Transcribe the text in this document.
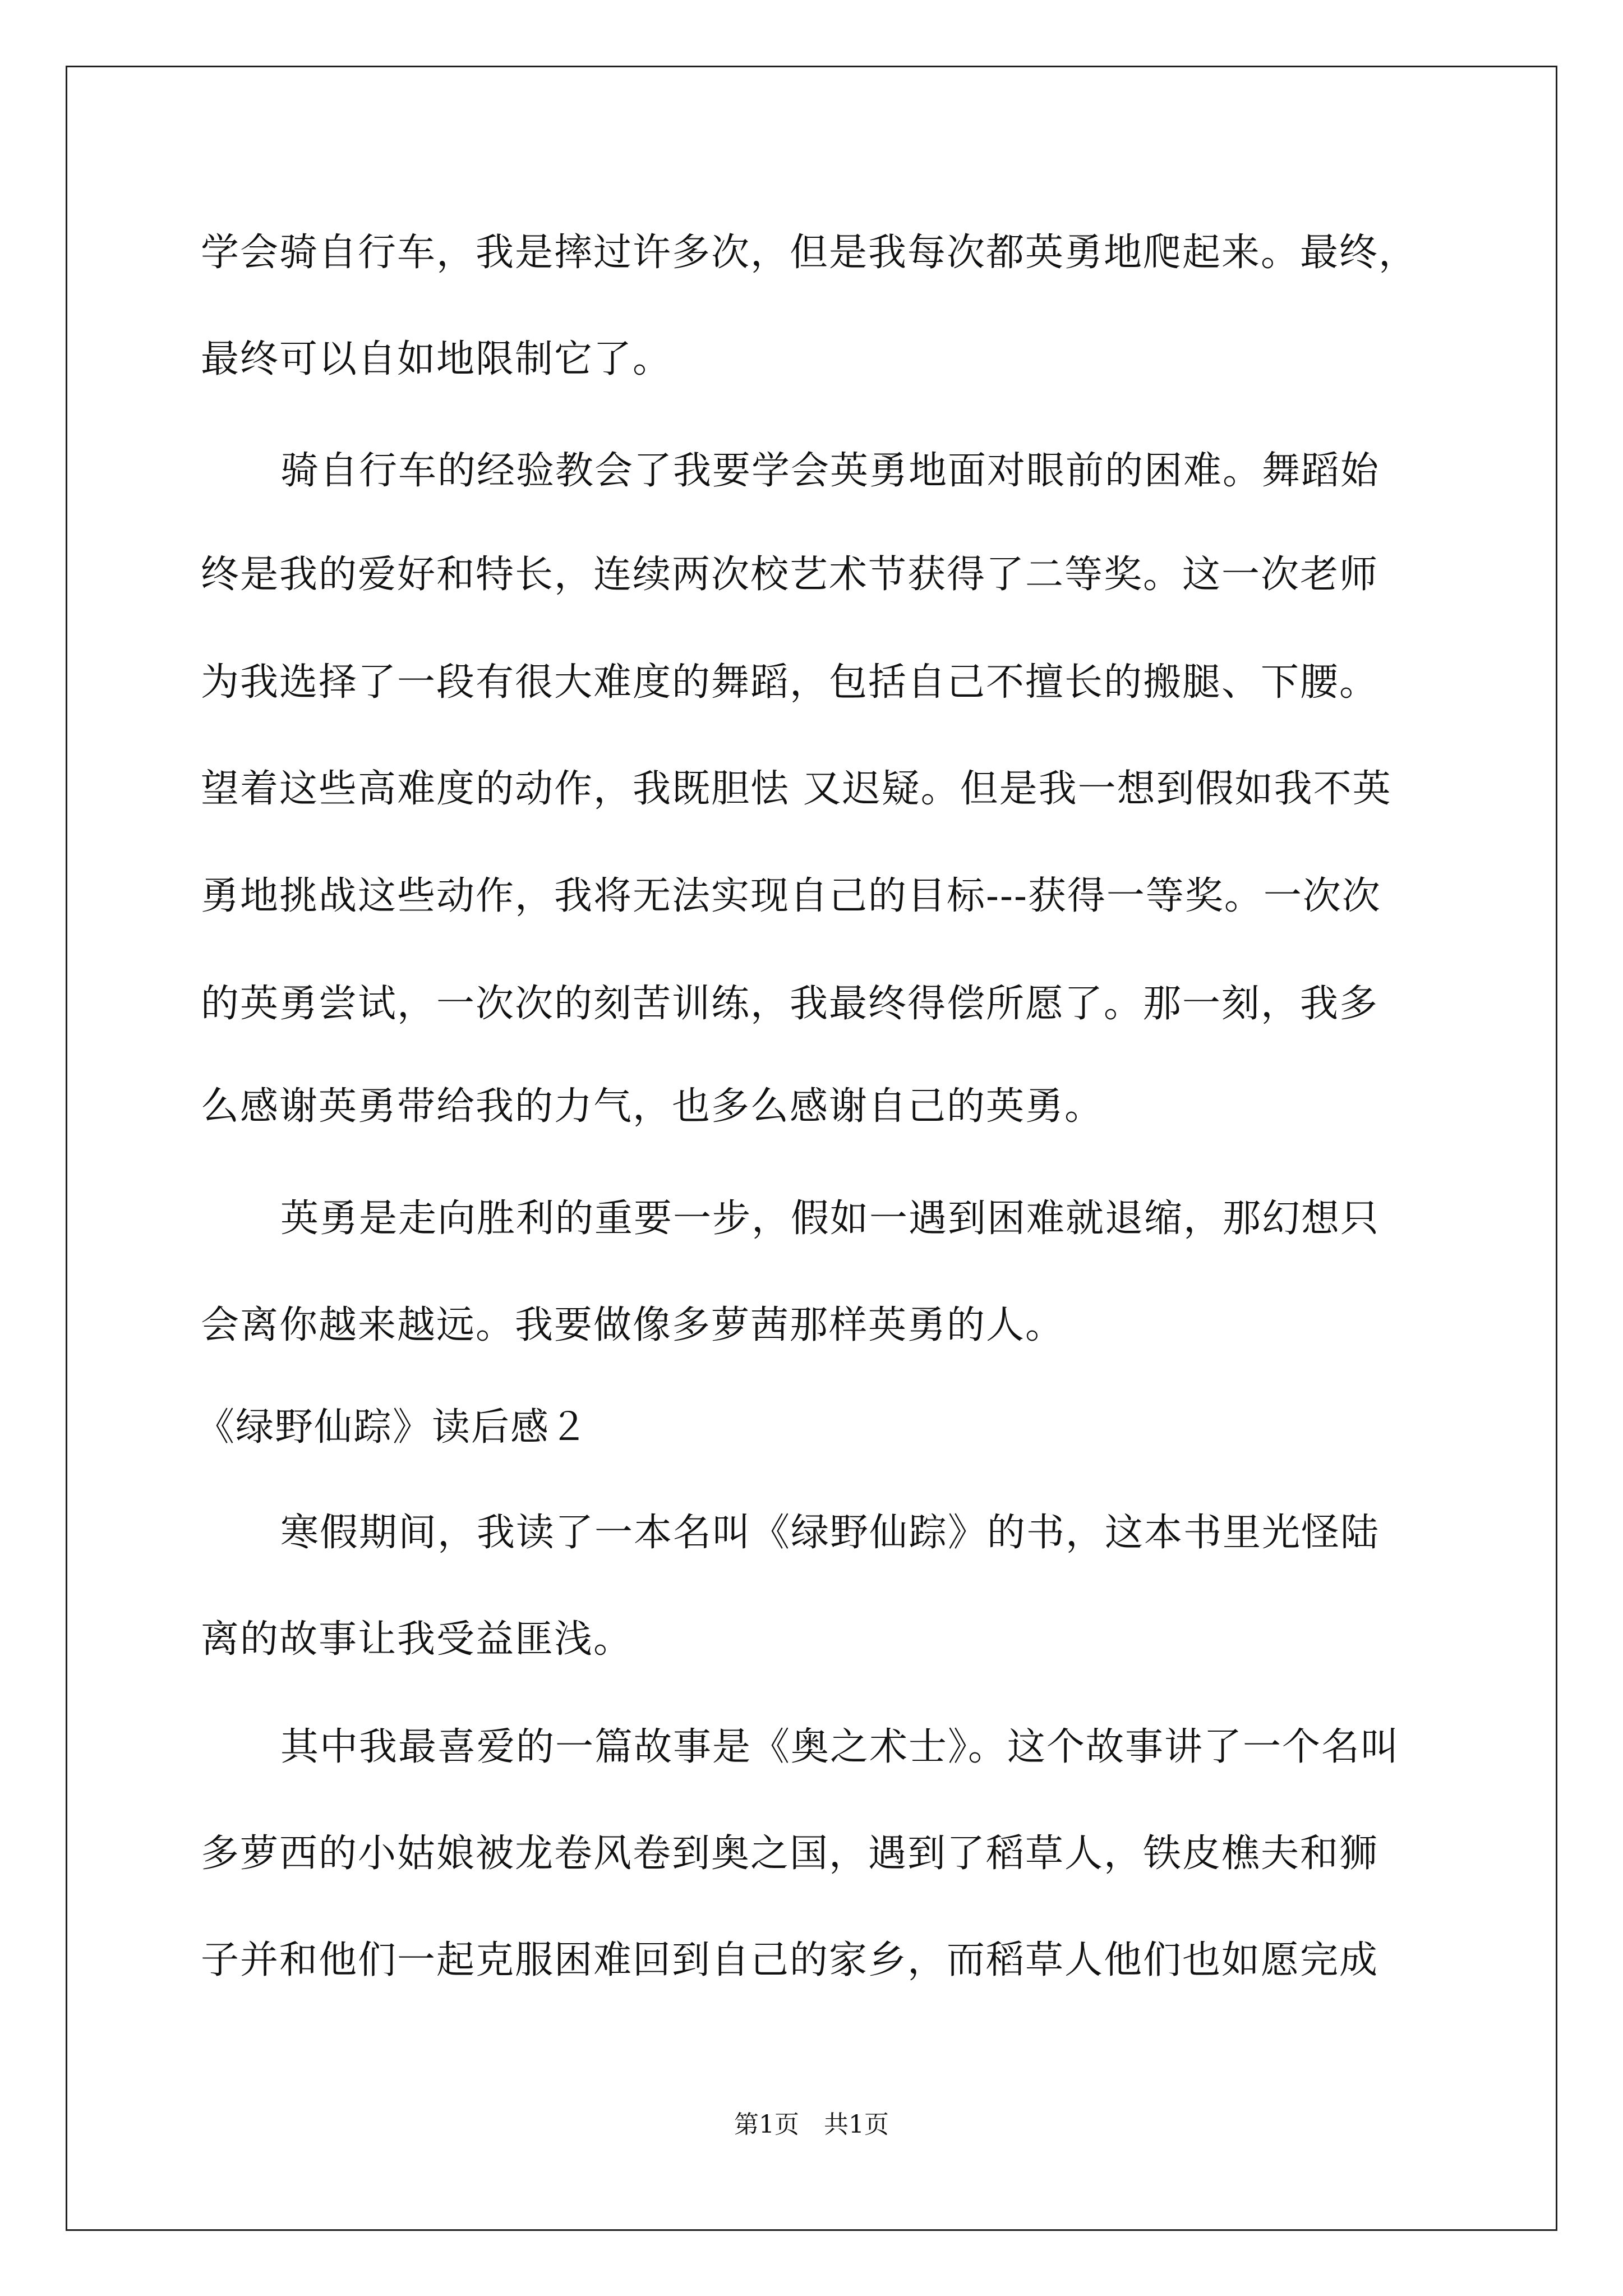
学会骑自行车，我是摔过许多次，但是我每次都英勇地爬起来。最终，
最终可以自如地限制它了。
骑自行车的经验教会了我要学会英勇地面对眼前的困难。舞蹈始
终是我的爱好和特长，连续两次校艺术节获得了二等奖。这一次老师
为我选择了一段有很大难度的舞蹈，包括自己不擅长的搬腿、下腰。
望着这些高难度的动作，我既胆怯 又迟疑。但是我一想到假如我不英
勇地挑战这些动作，我将无法实现自己的目标---获得一等奖。一次次
的英勇尝试，一次次的刻苦训练，我最终得偿所愿了。那一刻，我多
么感谢英勇带给我的力气，也多么感谢自己的英勇。
英勇是走向胜利的重要一步，假如一遇到困难就退缩，那幻想只
会离你越来越远。我要做像多萝茜那样英勇的人。
《绿野仙踪》读后感２
寒假期间，我读了一本名叫《绿野仙踪》的书，这本书里光怪陆
离的故事让我受益匪浅。
其中我最喜爱的一篇故事是《奥之术士》。这个故事讲了一个名叫
多萝西的小姑娘被龙卷风卷到奥之国，遇到了稻草人，铁皮樵夫和狮
子并和他们一起克服困难回到自己的家乡，而稻草人他们也如愿完成
第1页　共1页
